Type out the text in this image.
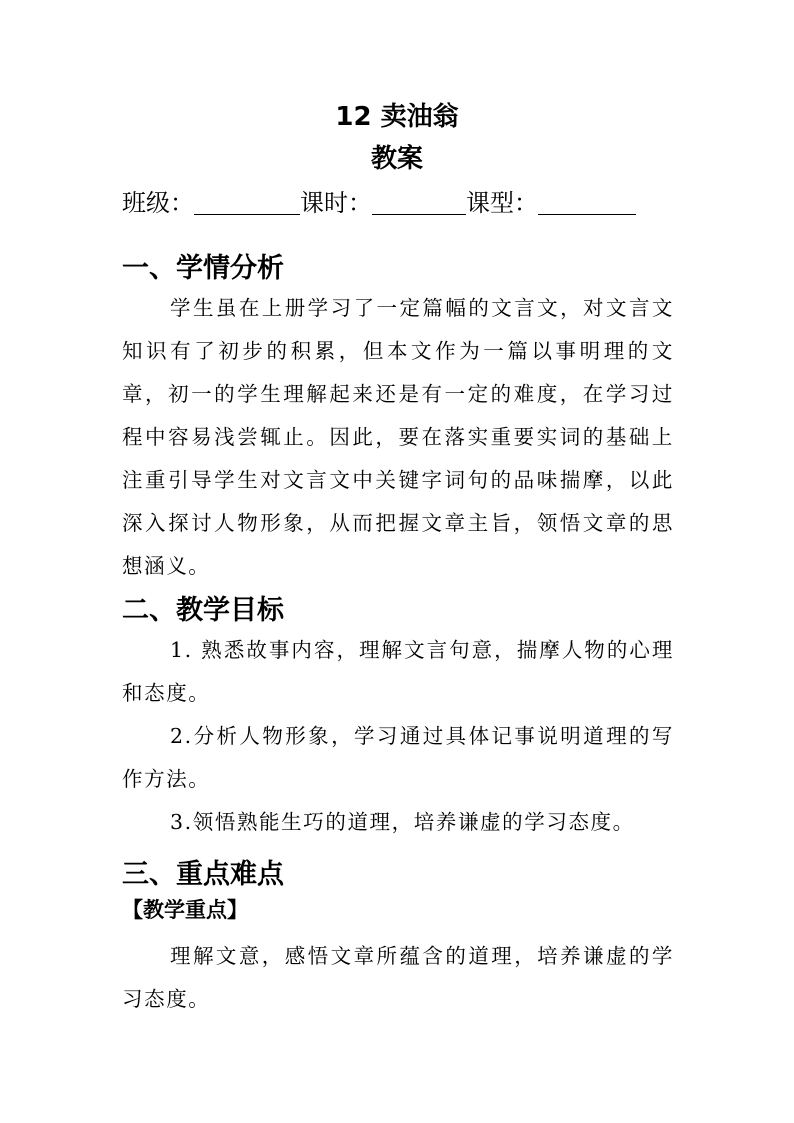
12 卖油翁
教案
班级：	课时：	课型：
一、学情分析

学生虽在上册学习了一定篇幅的文言文，对文言文知识有了初步的积累，但本文作为一篇以事明理的文章，初一的学生理解起来还是有一定的难度，在学习过程中容易浅尝辄止。因此，要在落实重要实词的基础上注重引导学生对文言文中关键字词句的品味揣摩，以此深入探讨人物形象，从而把握文章主旨，领悟文章的思想涵义。

二、教学目标

1. 熟悉故事内容，理解文言句意，揣摩人物的心理和态度。

2.分析人物形象，学习通过具体记事说明道理的写作方法。

3.领悟熟能生巧的道理，培养谦虚的学习态度。

三、重点难点
【教学重点】

理解文意，感悟文章所蕴含的道理，培养谦虚的学习态度。
